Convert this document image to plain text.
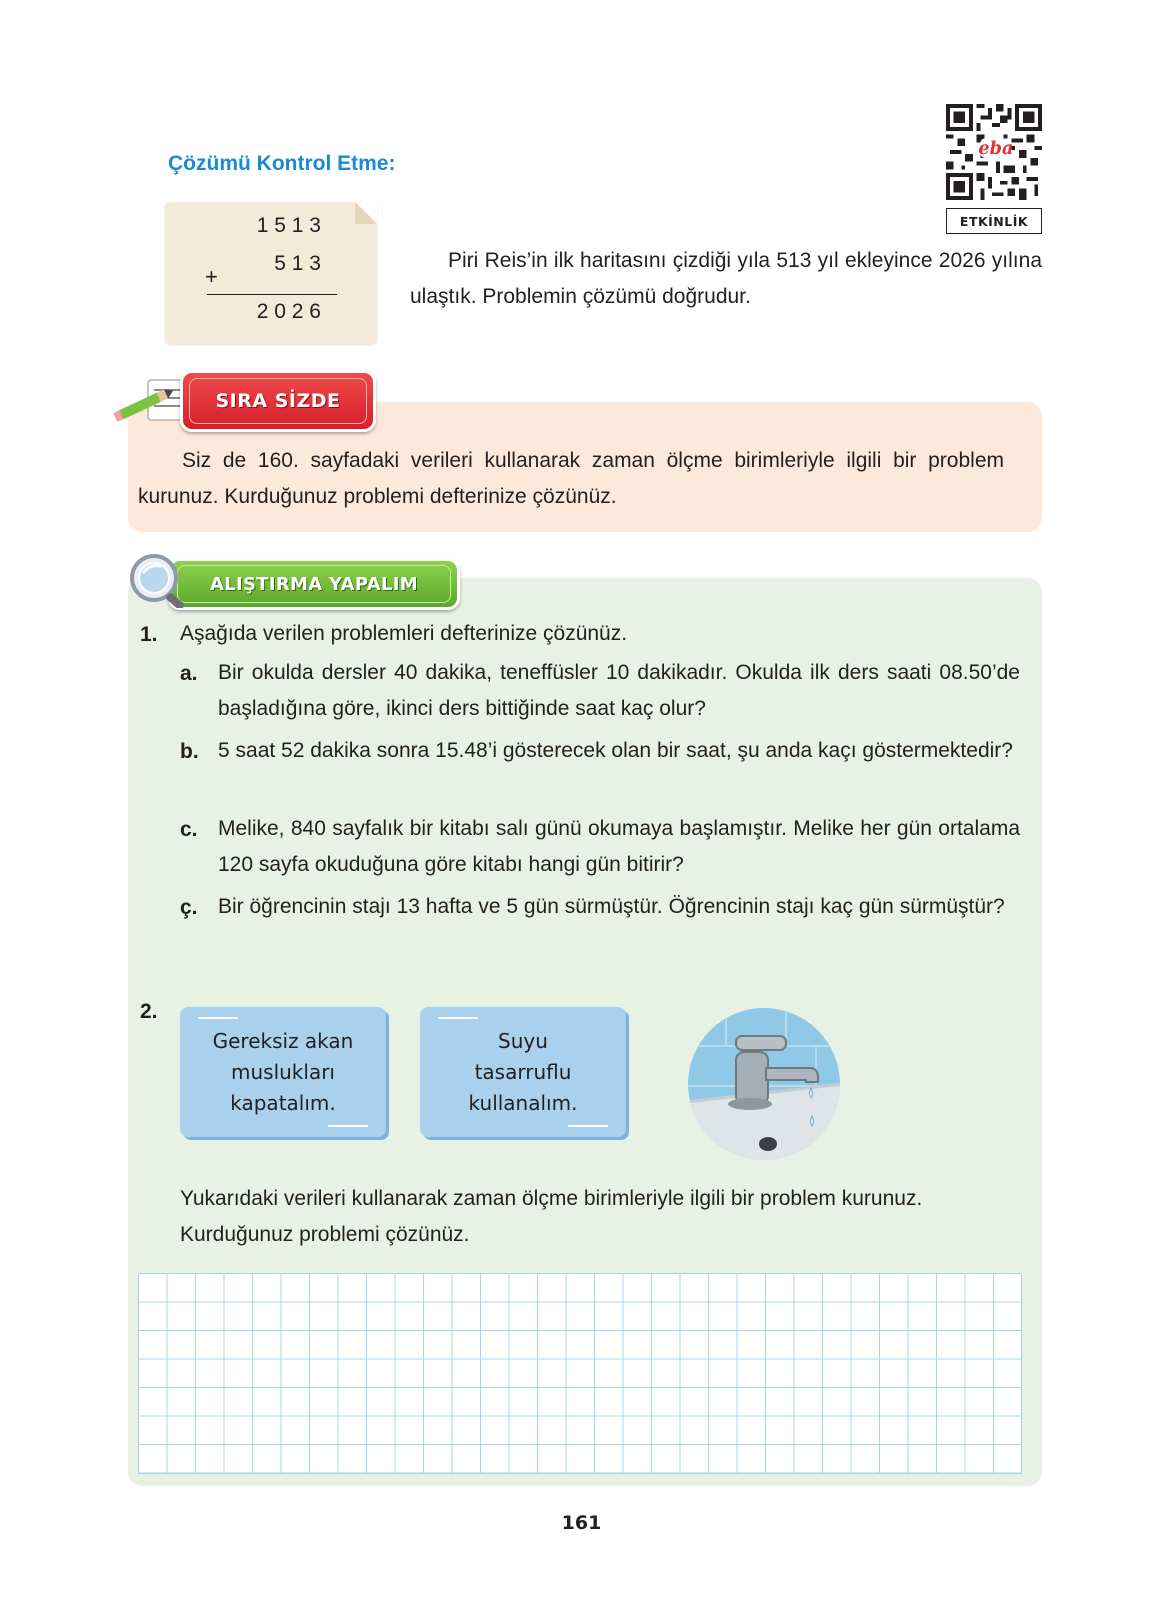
Çözümü Kontrol Etme:
eba
ETKİNLİK
1 5 1 3
5 1 3
+
2 0 2 6
Piri Reis’in ilk haritasını çizdiği yıla 513 yıl ekleyince 2026 yılına ulaştık. Problemin çözümü doğrudur.
SIRA SİZDE
Siz de 160. sayfadaki verileri kullanarak zaman ölçme birimleriyle ilgili bir problem kurunuz. Kurduğunuz problemi defterinize çözünüz.
ALIŞTIRMA YAPALIM
1. Aşağıda verilen problemleri defterinize çözünüz.
a. Bir okulda dersler 40 dakika, teneffüsler 10 dakikadır. Okulda ilk ders saati 08.50’de başladığına göre, ikinci ders bittiğinde saat kaç olur?
b. 5 saat 52 dakika sonra 15.48’i gösterecek olan bir saat, şu anda kaçı göstermektedir?
c. Melike, 840 sayfalık bir kitabı salı günü okumaya başlamıştır. Melike her gün ortalama 120 sayfa okuduğuna göre kitabı hangi gün bitirir?
ç. Bir öğrencinin stajı 13 hafta ve 5 gün sürmüştür. Öğrencinin stajı kaç gün sürmüştür?
2.
Gereksiz akan muslukları kapatalım.
Suyu tasarruflu kullanalım.
Yukarıdaki verileri kullanarak zaman ölçme birimleriyle ilgili bir problem kurunuz. Kurduğunuz problemi çözünüz.
161
